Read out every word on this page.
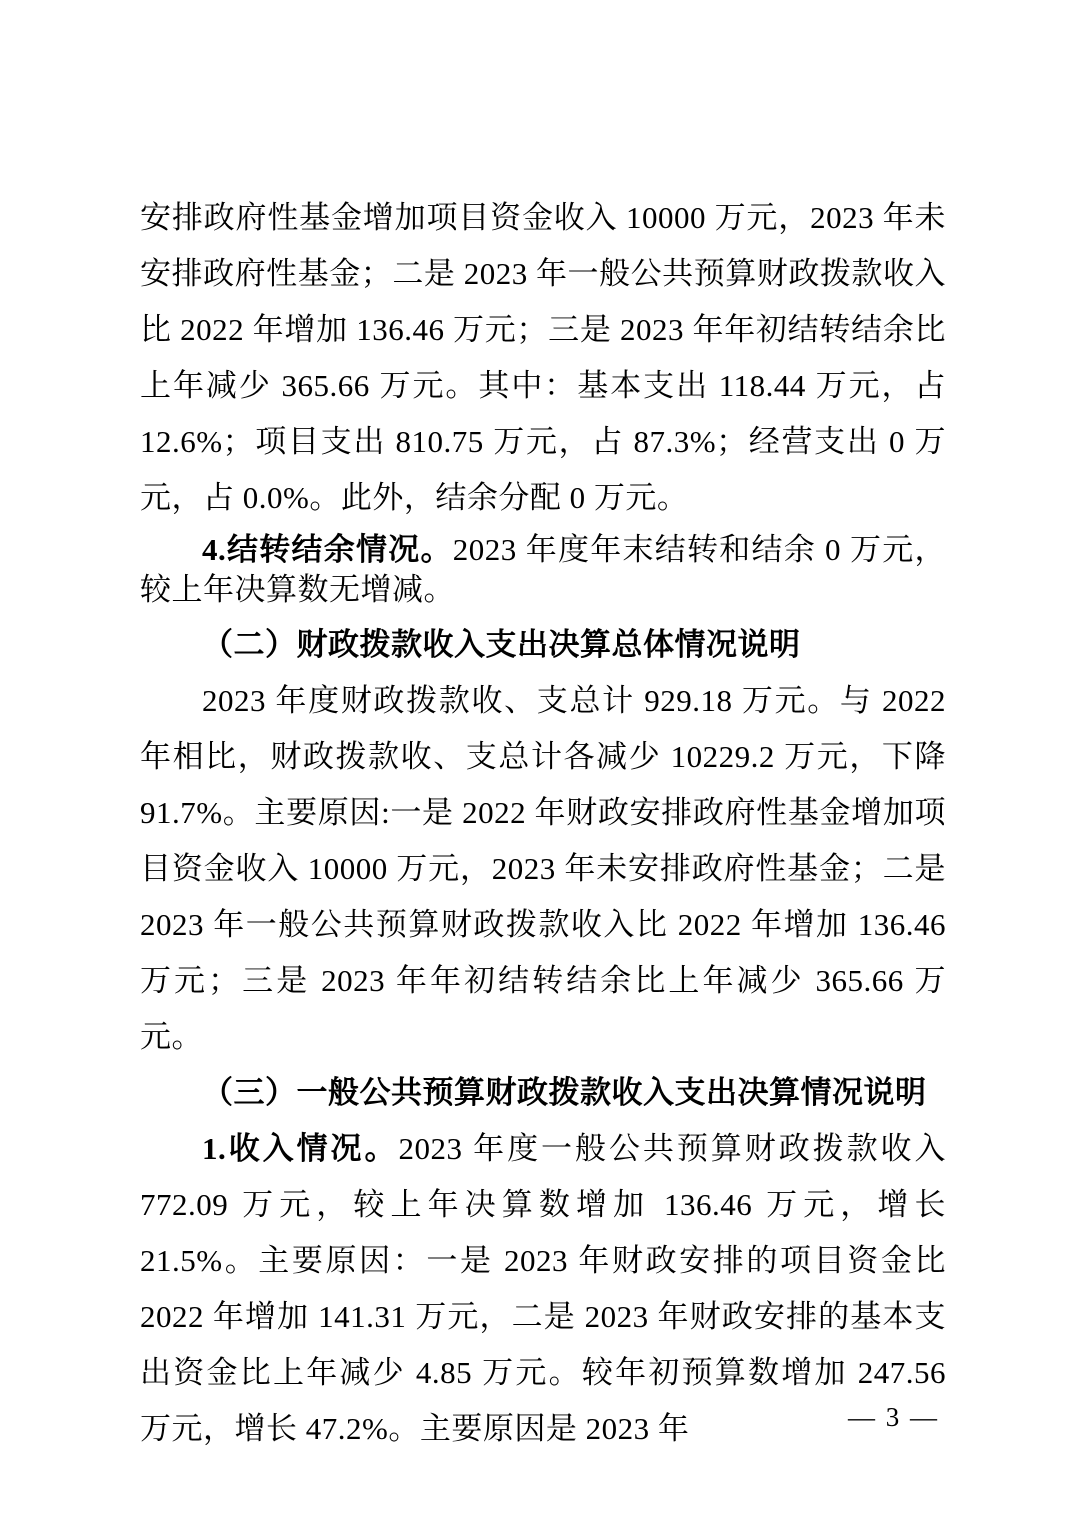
安排政府性基金增加项目资金收入 10000 万元，2023 年未安排政府性基金；二是 2023 年一般公共预算财政拨款收入比 2022 年增加 136.46 万元；三是 2023 年年初结转结余比上年减少 365.66 万元。其中：基本支出 118.44 万元，占 12.6%；项目支出 810.75 万元，占 87.3%；经营支出 0 万元，占 0.0%。此外，结余分配 0 万元。

4.结转结余情况。2023 年度年末结转和结余 0 万元，较上年决算数无增减。

（二）财政拨款收入支出决算总体情况说明

2023 年度财政拨款收、支总计 929.18 万元。与 2022 年相比，财政拨款收、支总计各减少 10229.2 万元，下降 91.7%。主要原因:一是 2022 年财政安排政府性基金增加项目资金收入 10000 万元，2023 年未安排政府性基金；二是 2023 年一般公共预算财政拨款收入比 2022 年增加 136.46 万元；三是 2023 年年初结转结余比上年减少 365.66 万元。

（三）一般公共预算财政拨款收入支出决算情况说明

1.收入情况。2023 年度一般公共预算财政拨款收入 772.09 万元，较上年决算数增加 136.46 万元，增长 21.5%。主要原因：一是 2023 年财政安排的项目资金比 2022 年增加 141.31 万元，二是 2023 年财政安排的基本支出资金比上年减少 4.85 万元。较年初预算数增加 247.56 万元，增长 47.2%。主要原因是 2023 年	— 3 —
